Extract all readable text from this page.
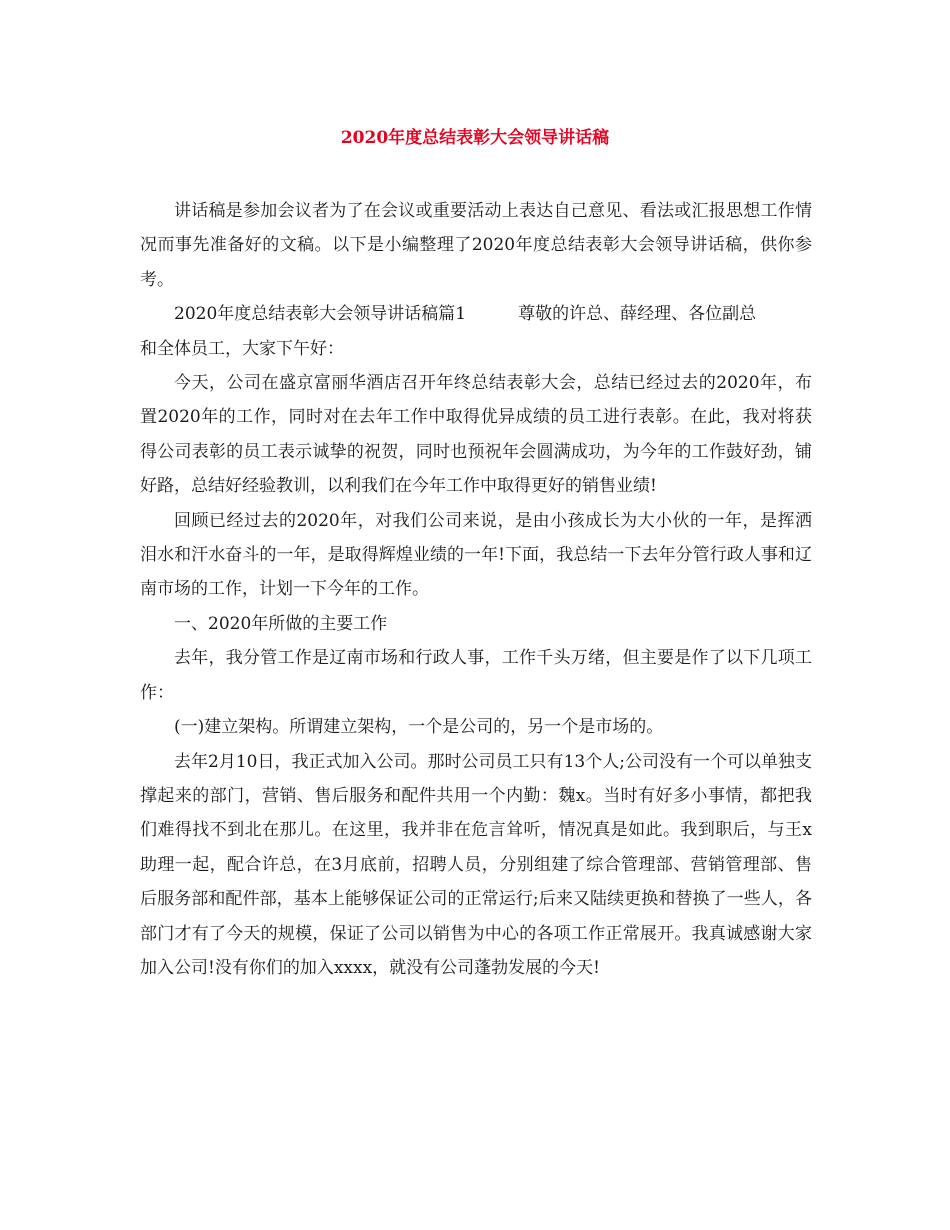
2020年度总结表彰大会领导讲话稿

讲话稿是参加会议者为了在会议或重要活动上表达自己意见、看法或汇报思想工作情况而事先准备好的文稿。以下是小编整理了2020年度总结表彰大会领导讲话稿，供你参考。

2020年度总结表彰大会领导讲话稿篇1	尊敬的许总、薛经理、各位副总

和全体员工，大家下午好：

今天，公司在盛京富丽华酒店召开年终总结表彰大会，总结已经过去的2020年，布置2020年的工作，同时对在去年工作中取得优异成绩的员工进行表彰。在此，我对将获得公司表彰的员工表示诚挚的祝贺，同时也预祝年会圆满成功，为今年的工作鼓好劲，铺好路，总结好经验教训，以利我们在今年工作中取得更好的销售业绩!

回顾已经过去的2020年，对我们公司来说，是由小孩成长为大小伙的一年，是挥洒泪水和汗水奋斗的一年，是取得辉煌业绩的一年!下面，我总结一下去年分管行政人事和辽南市场的工作，计划一下今年的工作。

一、2020年所做的主要工作

去年，我分管工作是辽南市场和行政人事，工作千头万绪，但主要是作了以下几项工作：

(一)建立架构。所谓建立架构，一个是公司的，另一个是市场的。

去年2月10日，我正式加入公司。那时公司员工只有13个人;公司没有一个可以单独支撑起来的部门，营销、售后服务和配件共用一个内勤：魏x。当时有好多小事情，都把我们难得找不到北在那儿。在这里，我并非在危言耸听，情况真是如此。我到职后，与王x助理一起，配合许总，在3月底前，招聘人员，分别组建了综合管理部、营销管理部、售后服务部和配件部，基本上能够保证公司的正常运行;后来又陆续更换和替换了一些人，各部门才有了今天的规模，保证了公司以销售为中心的各项工作正常展开。我真诚感谢大家加入公司!没有你们的加入xxxx，就没有公司蓬勃发展的今天!
